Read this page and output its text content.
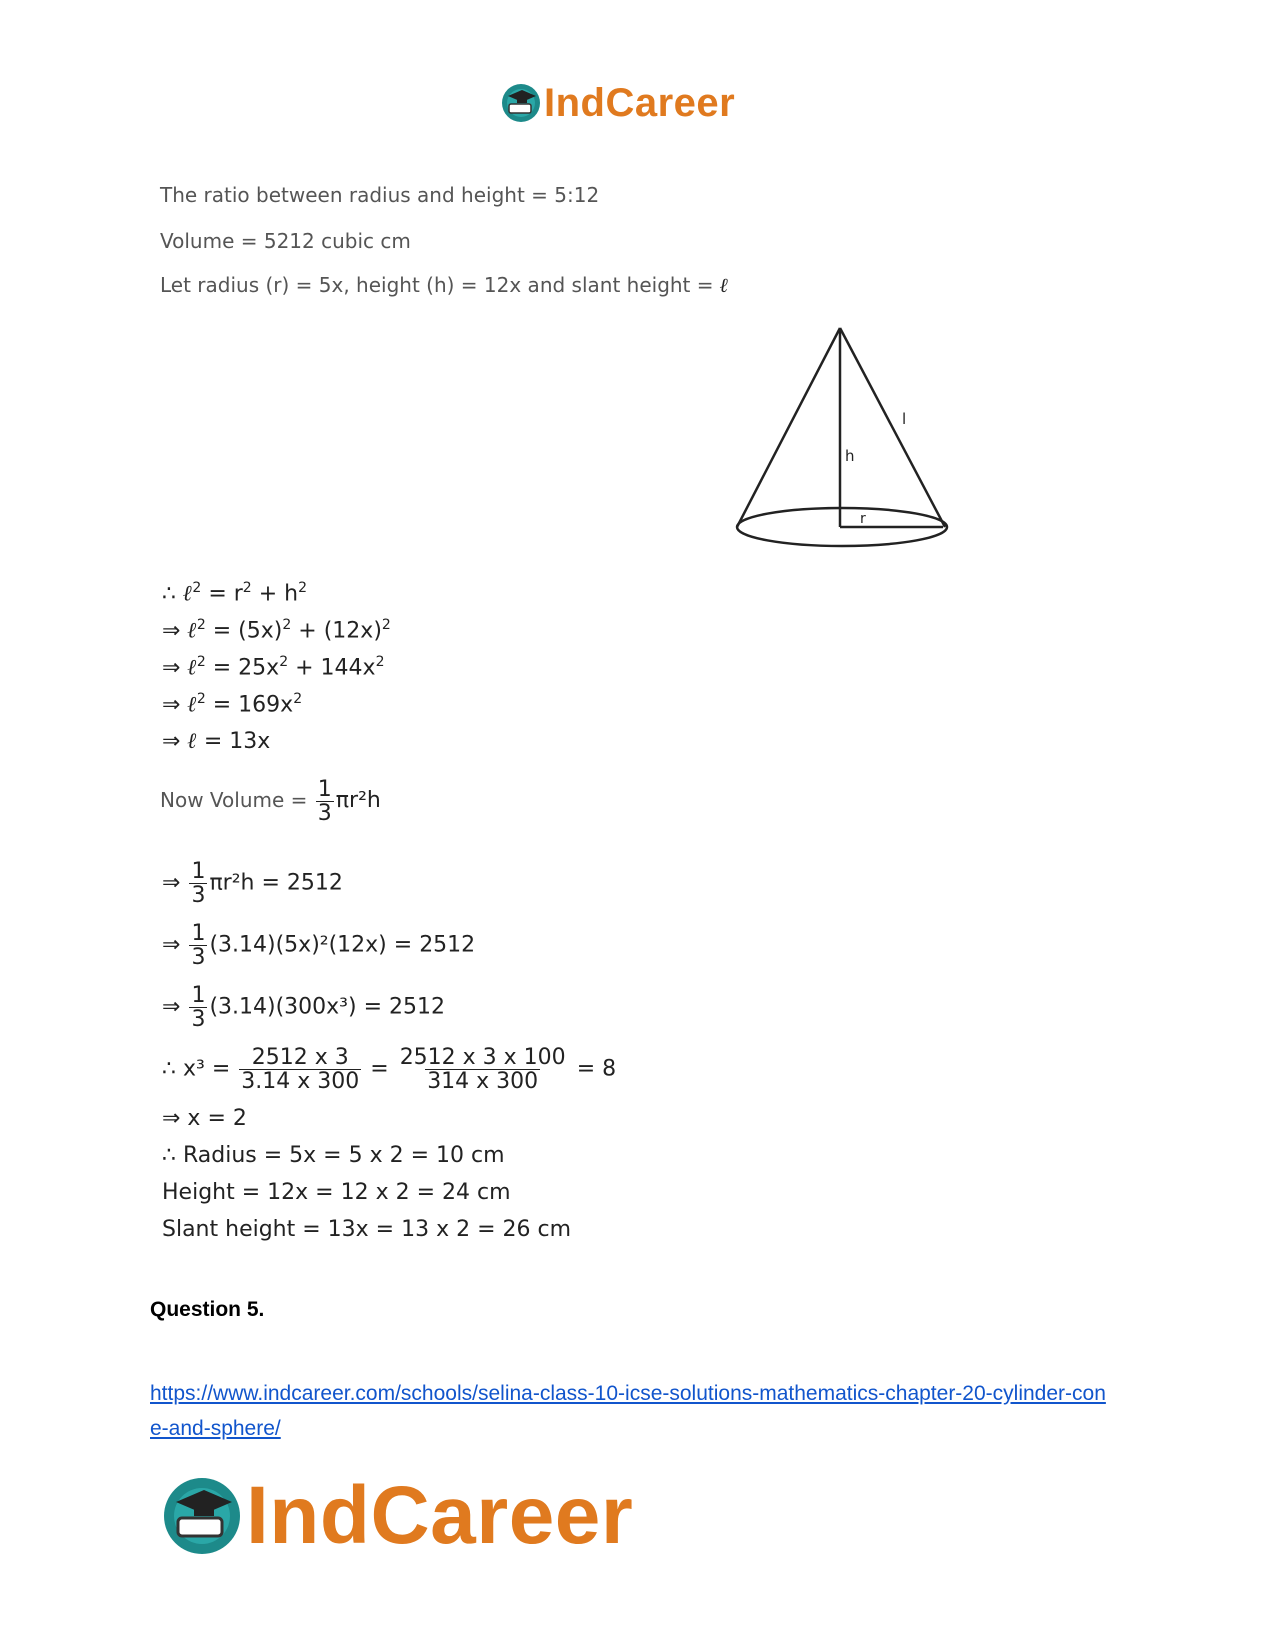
IndCareer
The ratio between radius and height = 5:12
Volume = 5212 cubic cm
Let radius (r) = 5x, height (h) = 12x and slant height = ℓ
h
l
r
∴ ℓ$^2$ = $r^2 + h^2$
⇒ ℓ$^2$ = $(5x)^2 + (12x)^2$
⇒ ℓ$^2$ = $25x^2 + 144x^2$
⇒ ℓ$^2$ = $169x^2$
⇒ ℓ = 13x
Now Volume = $\frac{1}{3} \pi r^2h$
⇒ $\frac{1}{3} \pi r^2h = 2512$
⇒ $\frac{1}{3} (3.14)(5x)^2(12x) = 2512$
⇒ $\frac{1}{3} (3.14)(300x^3) = 2512$
∴ $x^3 = \frac{2512 x 3}{3.14 x 300} = \frac{2512 x 3 x 100}{314 x 300} = 8$
⇒ x = 2
∴ Radius = 5x = 5 x 2 = 10 cm
Height = 12x = 12 x 2 = 24 cm
Slant height = 13x = 13 x 2 = 26 cm
Question 5.
https://www.indcareer.com/schools/selina-class-10-icse-solutions-mathematics-chapter-20-cylinder-cone-and-sphere/
IndCareer
